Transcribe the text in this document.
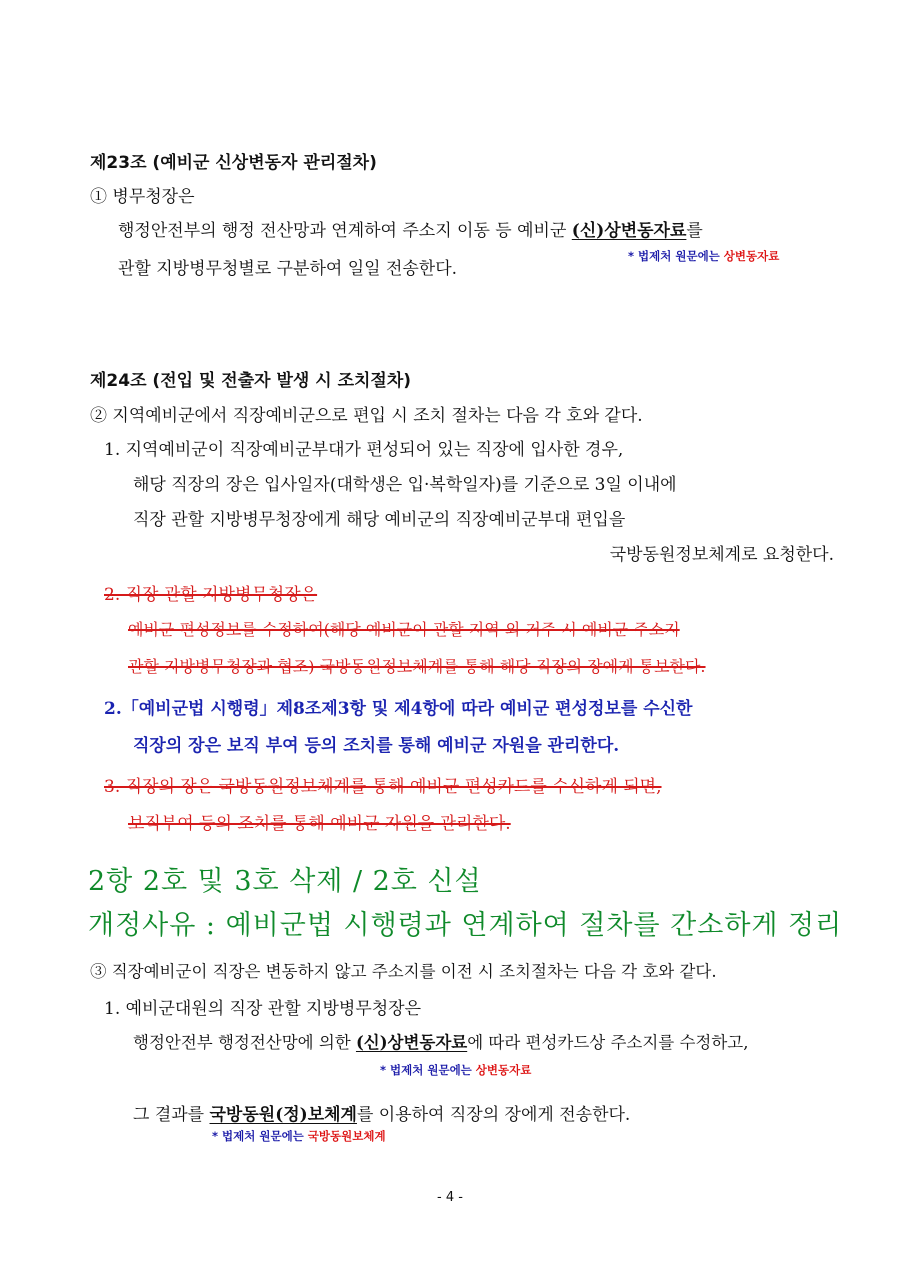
제23조 (예비군 신상변동자 관리절차)
① 병무청장은
행정안전부의 행정 전산망과 연계하여 주소지 이동 등 예비군 (신)상변동자료를
관할 지방병무청별로 구분하여 일일 전송한다.
* 법제처 원문에는 상변동자료
제24조 (전입 및 전출자 발생 시 조치절차)
② 지역예비군에서 직장예비군으로 편입 시 조치 절차는 다음 각 호와 같다.
1. 지역예비군이 직장예비군부대가 편성되어 있는 직장에 입사한 경우,
해당 직장의 장은 입사일자(대학생은 입·복학일자)를 기준으로 3일 이내에
직장 관할 지방병무청장에게 해당 예비군의 직장예비군부대 편입을
국방동원정보체계로 요청한다.
2. 직장 관할 지방병무청장은
예비군 편성정보를 수정하여(해당 예비군이 관할 지역 외 거주 시 예비군 주소지
관할 지방병무청장과 협조) 국방동원정보체계를 통해 해당 직장의 장에게 통보한다.
2.「예비군법 시행령」제8조제3항 및 제4항에 따라 예비군 편성정보를 수신한
직장의 장은 보직 부여 등의 조치를 통해 예비군 자원을 관리한다.
3. 직장의 장은 국방동원정보체계를 통해 예비군 편성카드를 수신하게 되면,
보직부여 등의 조치를 통해 예비군 자원을 관리한다.
2항 2호 및 3호 삭제 / 2호 신설
개정사유 : 예비군법 시행령과 연계하여 절차를 간소하게 정리
③ 직장예비군이 직장은 변동하지 않고 주소지를 이전 시 조치절차는 다음 각 호와 같다.
1. 예비군대원의 직장 관할 지방병무청장은
행정안전부 행정전산망에 의한 (신)상변동자료에 따라 편성카드상 주소지를 수정하고,
* 법제처 원문에는 상변동자료
그 결과를 국방동원(정)보체계를 이용하여 직장의 장에게 전송한다.
* 법제처 원문에는 국방동원보체계
- 4 -
